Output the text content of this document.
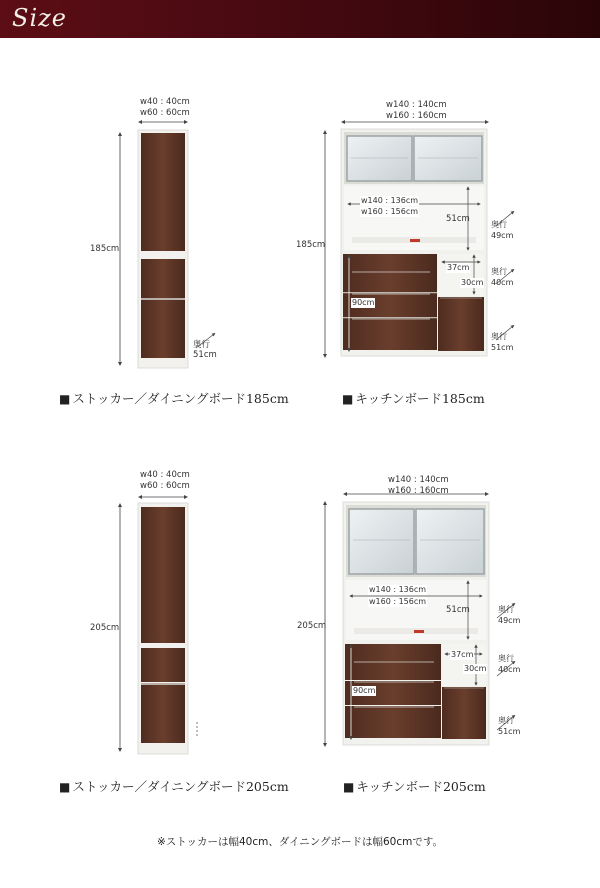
Size
w40 : 40cm
w60 : 60cm
185cm
奥行
51cm
w140 : 140cm
w160 : 160cm
185cm
w140 : 136cm
w160 : 156cm
51cm
奥行
49cm
37cm
30cm
90cm
奥行
40cm
奥行
51cm
■ ストッカー／ダイニングボード185cm	■ キッチンボード185cm
w40 : 40cm
w60 : 60cm
205cm
w140 : 140cm
w160 : 160cm
205cm
w140 : 136cm
w160 : 156cm
51cm	奥行
49cm
37cm
30cm
90cm
奥行
40cm
奥行
51cm
■ ストッカー／ダイニングボード205cm	■ キッチンボード205cm
※ストッカーは幅40cm、ダイニングボードは幅60cmです。
